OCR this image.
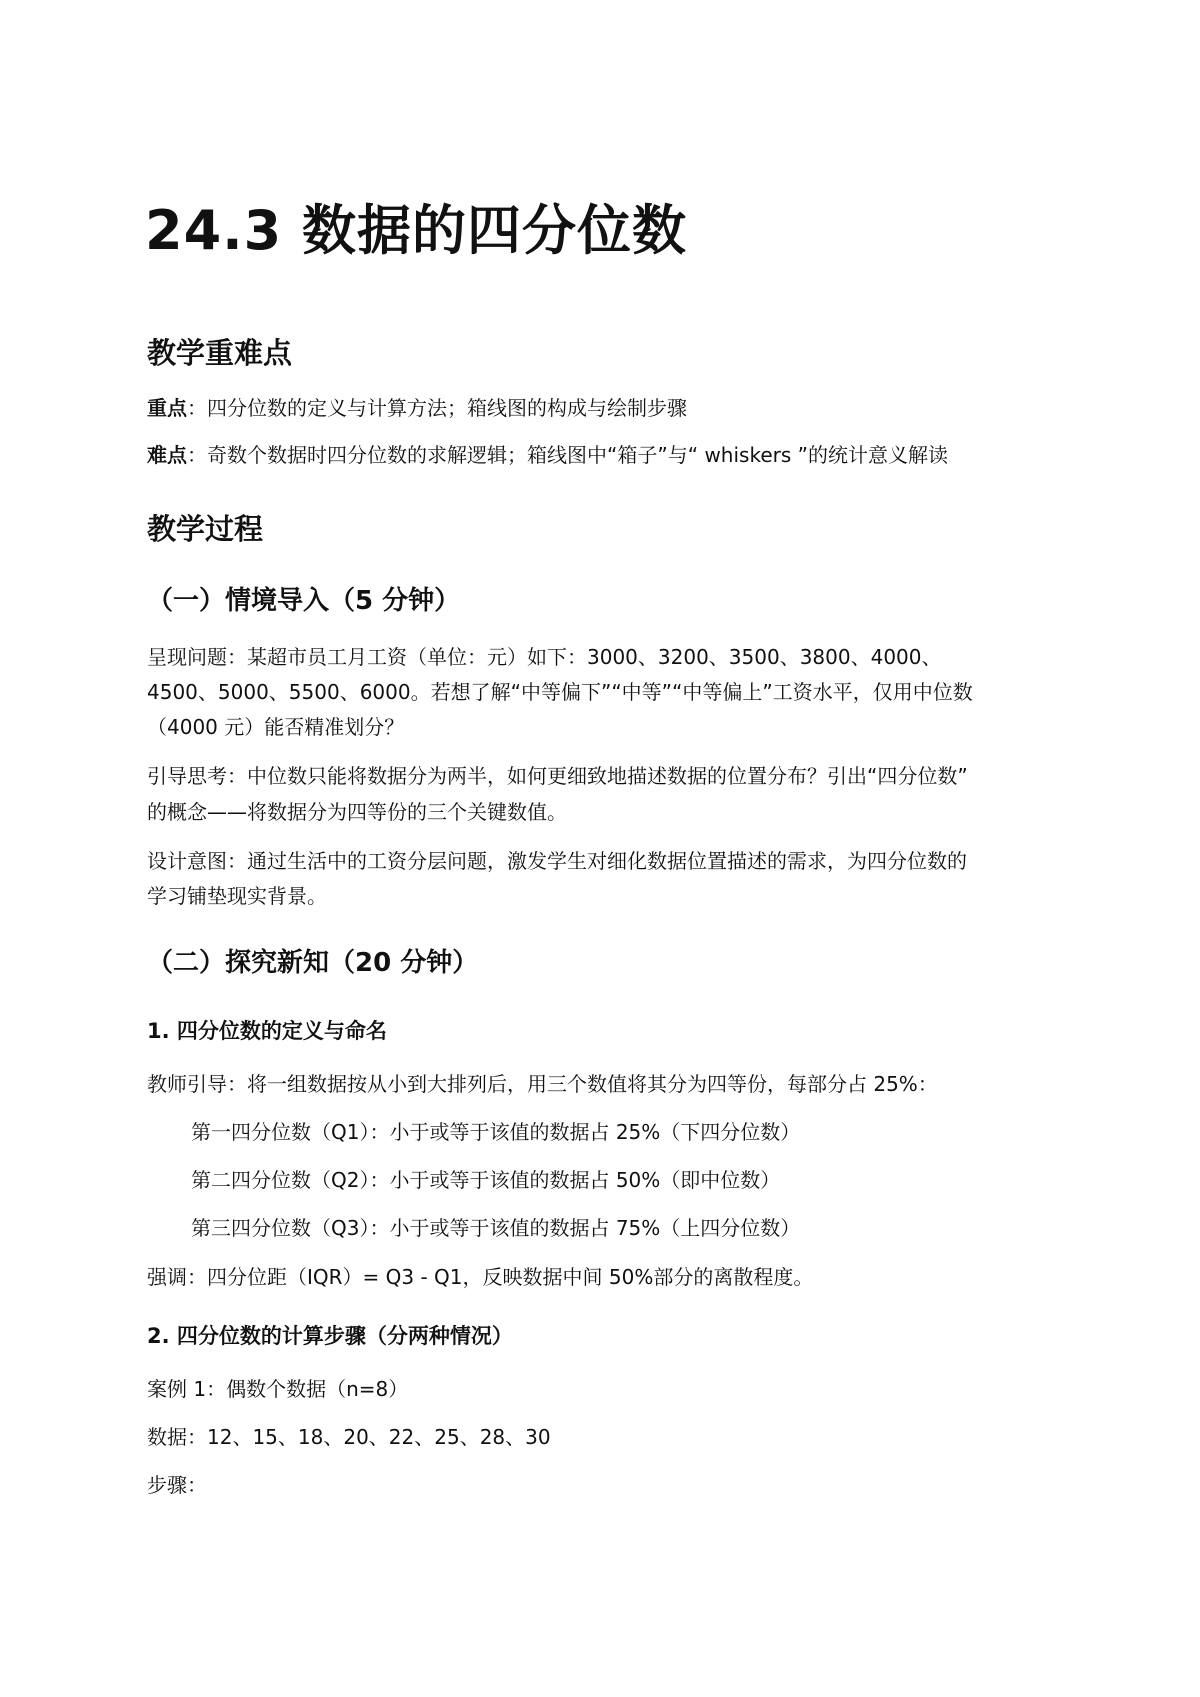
24.3 数据的四分位数
教学重难点
重点：四分位数的定义与计算方法；箱线图的构成与绘制步骤
难点：奇数个数据时四分位数的求解逻辑；箱线图中“箱子”与“ whiskers ”的统计意义解读
教学过程
（一）情境导入（5 分钟）
呈现问题：某超市员工月工资（单位：元）如下：3000、3200、3500、3800、4000、
4500、5000、5500、6000。若想了解“中等偏下”“中等”“中等偏上”工资水平，仅用中位数
（4000 元）能否精准划分？
引导思考：中位数只能将数据分为两半，如何更细致地描述数据的位置分布？引出“四分位数”
的概念——将数据分为四等份的三个关键数值。
设计意图：通过生活中的工资分层问题，激发学生对细化数据位置描述的需求，为四分位数的
学习铺垫现实背景。
（二）探究新知（20 分钟）
1. 四分位数的定义与命名
教师引导：将一组数据按从小到大排列后，用三个数值将其分为四等份，每部分占 25%：
第一四分位数（Q1）：小于或等于该值的数据占 25%（下四分位数）
第二四分位数（Q2）：小于或等于该值的数据占 50%（即中位数）
第三四分位数（Q3）：小于或等于该值的数据占 75%（上四分位数）
强调：四分位距（IQR）= Q3 - Q1，反映数据中间 50%部分的离散程度。
2. 四分位数的计算步骤（分两种情况）
案例 1：偶数个数据（n=8）
数据：12、15、18、20、22、25、28、30
步骤：
